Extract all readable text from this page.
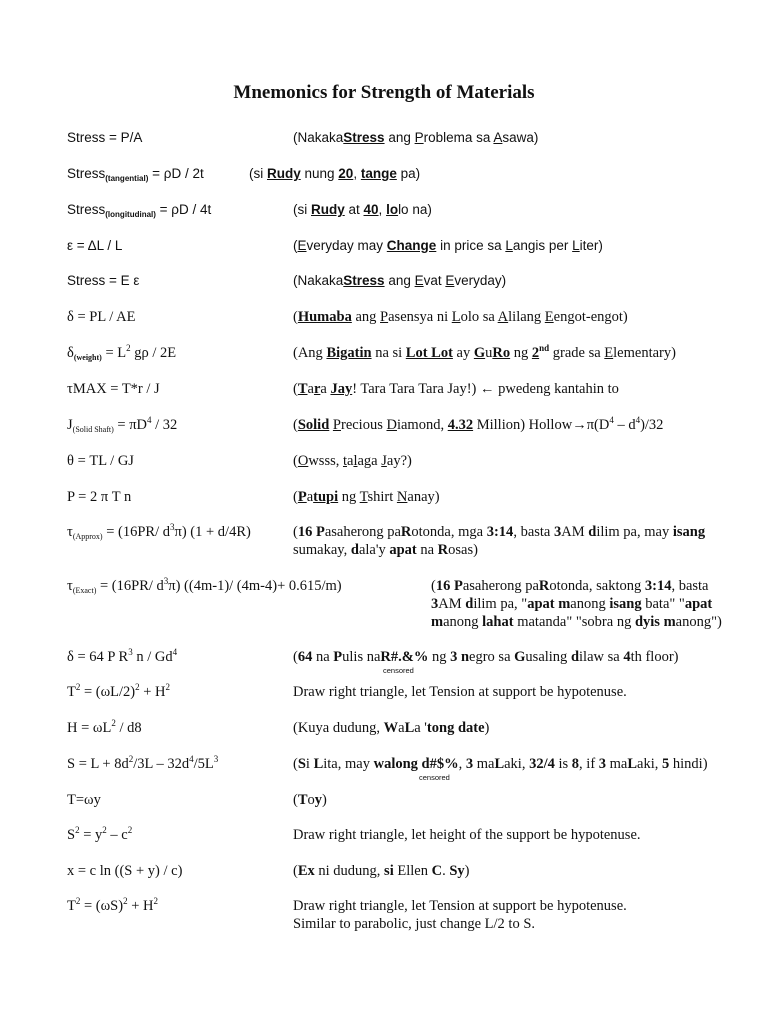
Mnemonics for Strength of Materials
Stress = P/A	(NakakaStress ang Problema sa Asawa)
Stress$_{(tangential)}$ = ρD / 2t	(si Rudy nung 20, tange pa)
Stress$_{(longitudinal)}$ = ρD / 4t	(si Rudy at 40, lolo na)
ε = ΔL / L	(Everyday may Change in price sa Langis per Liter)
Stress = E ε	(NakakaStress ang Evat Everyday)
δ = PL / AE	(Humaba ang Pasensya ni Lolo sa Alilang Eengot-engot)
$\delta_{(weight)} = L^2$ gρ / 2E	(Ang Bigatin na si Lot Lot ay GuRo ng 2nd grade sa Elementary)
τMAX = T*r / J	(Tara Jay! Tara Tara Tara Jay!) ← pwedeng kantahin to
$J_{(Solid Shaft)} = \pi D^4 / 32$	(Solid Precious Diamond, 4.32 Million) $Hollow\to\pi(D^4 - d^4)/32$
θ = TL / GJ	(Owsss, talaga Jay?)
P = 2 π T n	(Patupi ng Tshirt Nanay)
$\tau_{(Approx)} = (16PR/$ $d^3\pi$) (1 + d/4R)	(16 Pasaherong paRotonda, mga 3:14, basta 3AM dilim pa, may isang
sumakay, dala'y apat na Rosas)
$\tau_{(Exact)} = (16PR/$ $d^3\pi$) ((4m-1)/ (4m-4)+ 0.615/m)	(16 Pasaherong paRotonda, saktong 3:14, basta
3AM dilim pa, "apat manong isang bata" "apat
manong lahat matanda" "sobra ng dyis manong")
δ = 64 P $R^3$ n / Gd$^4$	(64 na Pulis naR#.&% ng 3 negro sa Gusaling dilaw sa 4th floor)
censored
$T^2 = (\omega L/2)^2 + H^2$	Draw right triangle, let Tension at support be hypotenuse.
$H = \omega L^2 / d8$	(Kuya dudung, WaLa 'tong date)
$S = L + 8d^2/3L - 32d^4/5L^3$	(Si Lita, may walong d#$%, 3 maLaki, 32/4 is 8, if 3 maLaki, 5 hindi)
censored
T=ωy	(Toy)
$S^2 = y^2 - c^2$	Draw right triangle, let height of the support be hypotenuse.
x = c ln ((S + y) / c)	(Ex ni dudung, si Ellen C. Sy)
$T^2 = (\omega S)^2 + H^2$	Draw right triangle, let Tension at support be hypotenuse.
Similar to parabolic, just change L/2 to S.
